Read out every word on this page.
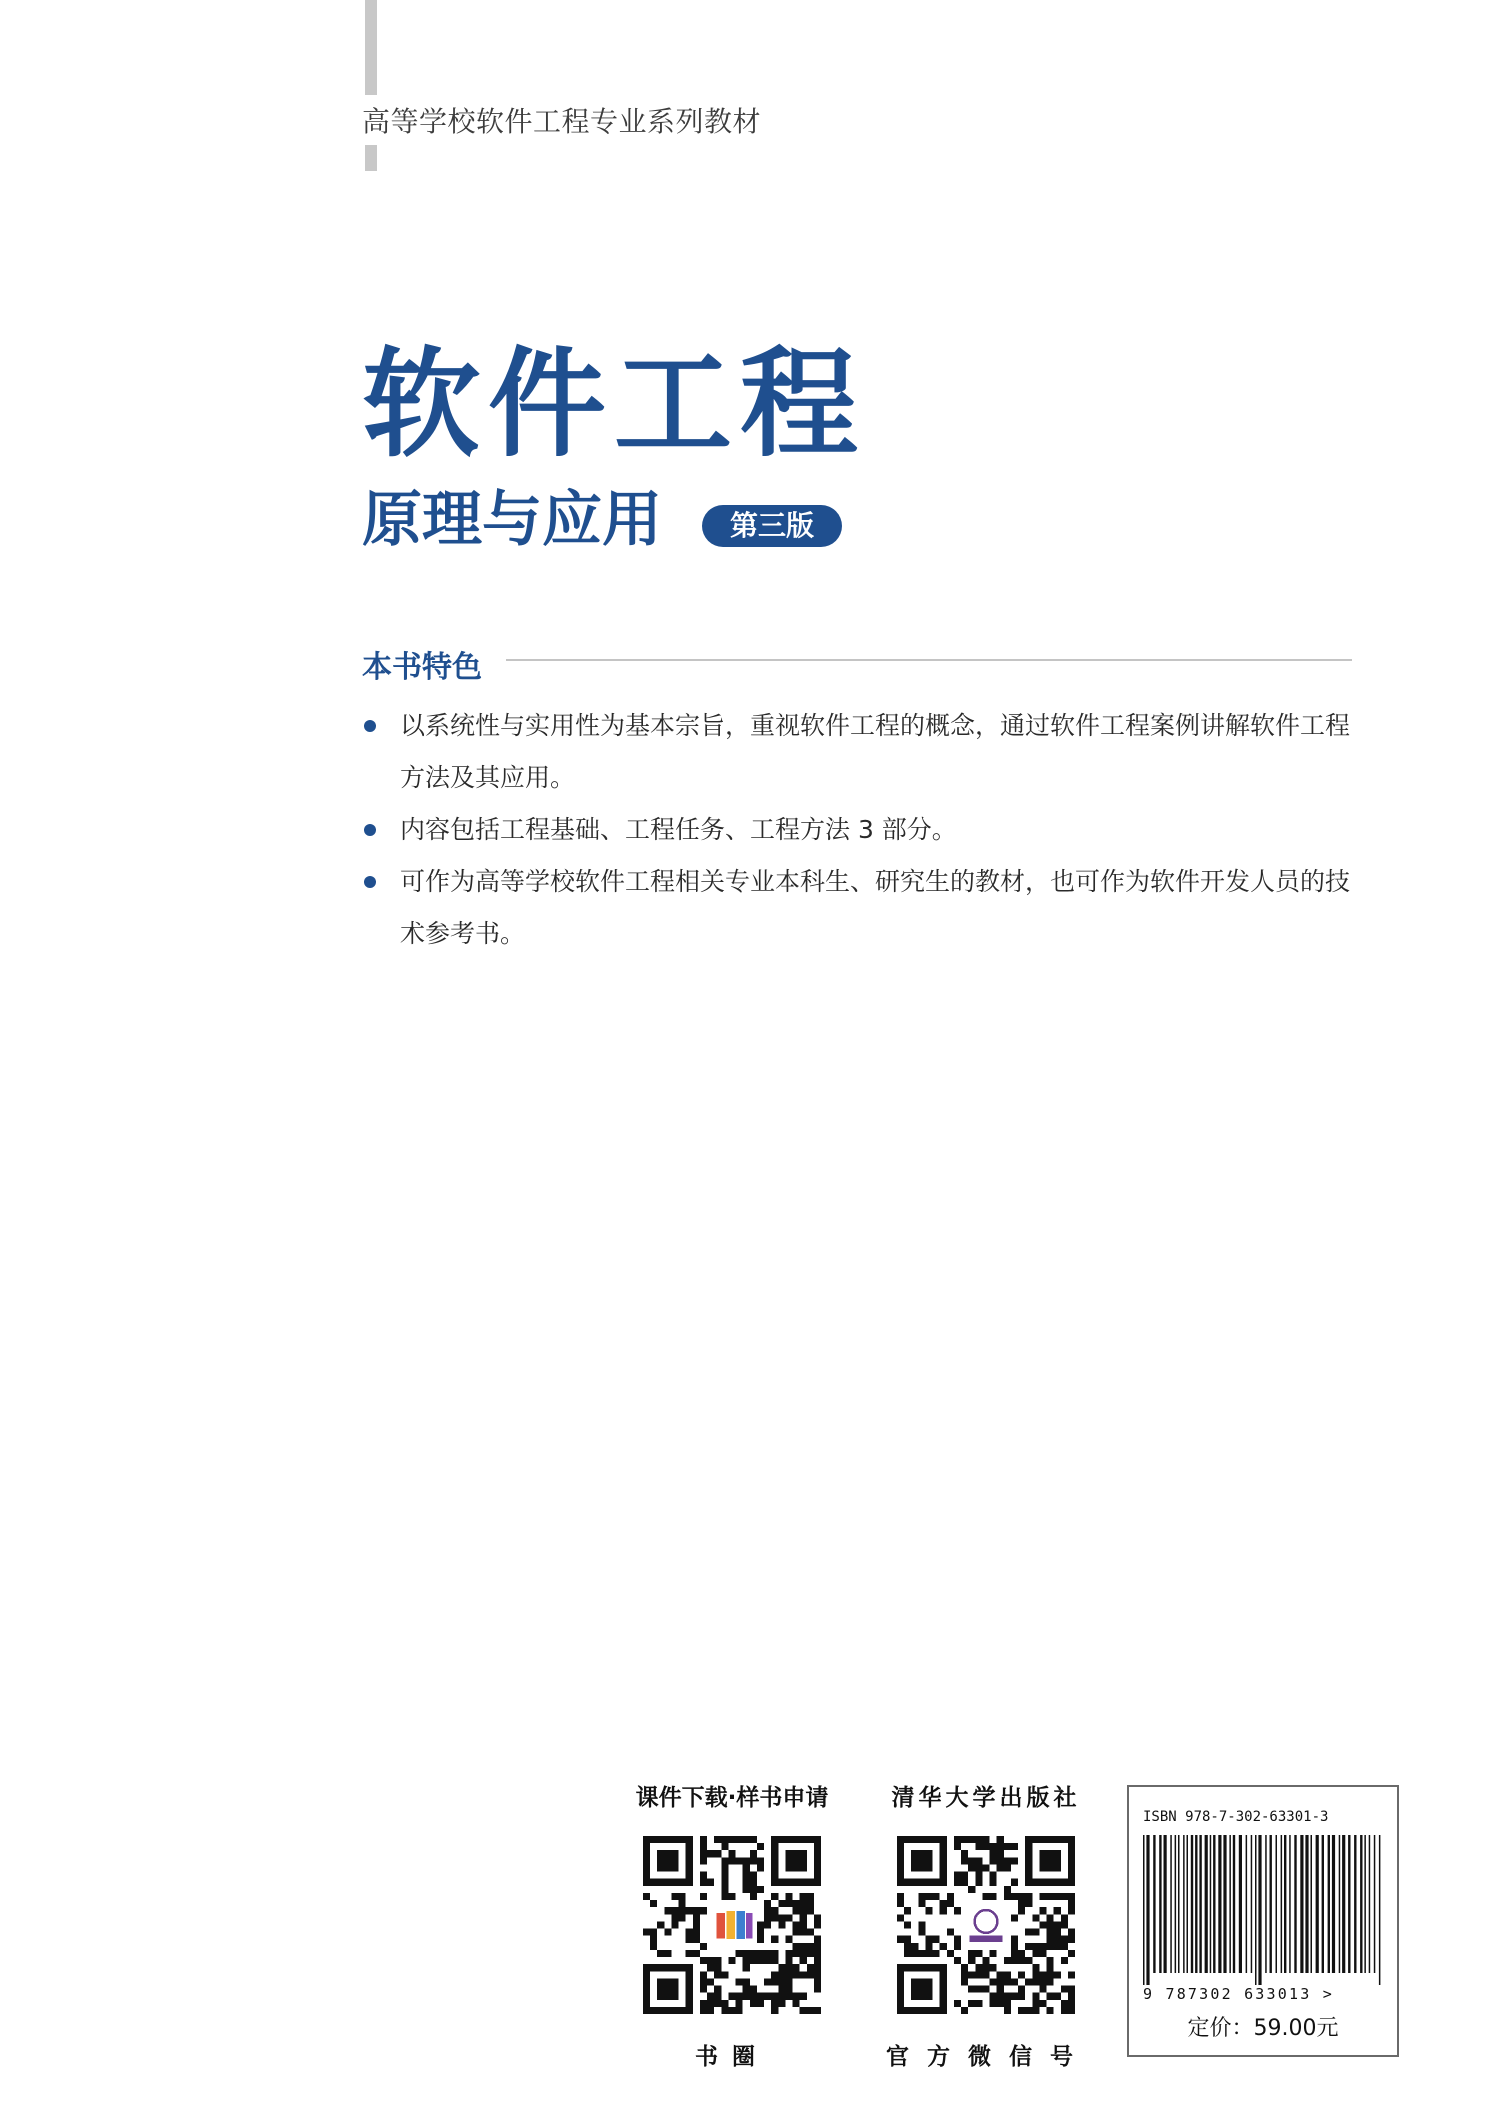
高等学校软件工程专业系列教材
软件工程
原理与应用	第三版
本书特色
以系统性与实用性为基本宗旨，重视软件工程的概念，通过软件工程案例讲解软件工程方法及其应用。
内容包括工程基础、工程任务、工程方法 3 部分。
可作为高等学校软件工程相关专业本科生、研究生的教材，也可作为软件开发人员的技术参考书。
课件下载·样书申请
书圈
清华大学出版社
官方微信号
ISBN 978-7-302-63301-3
9 787302 633013 >
定价：59.00元
